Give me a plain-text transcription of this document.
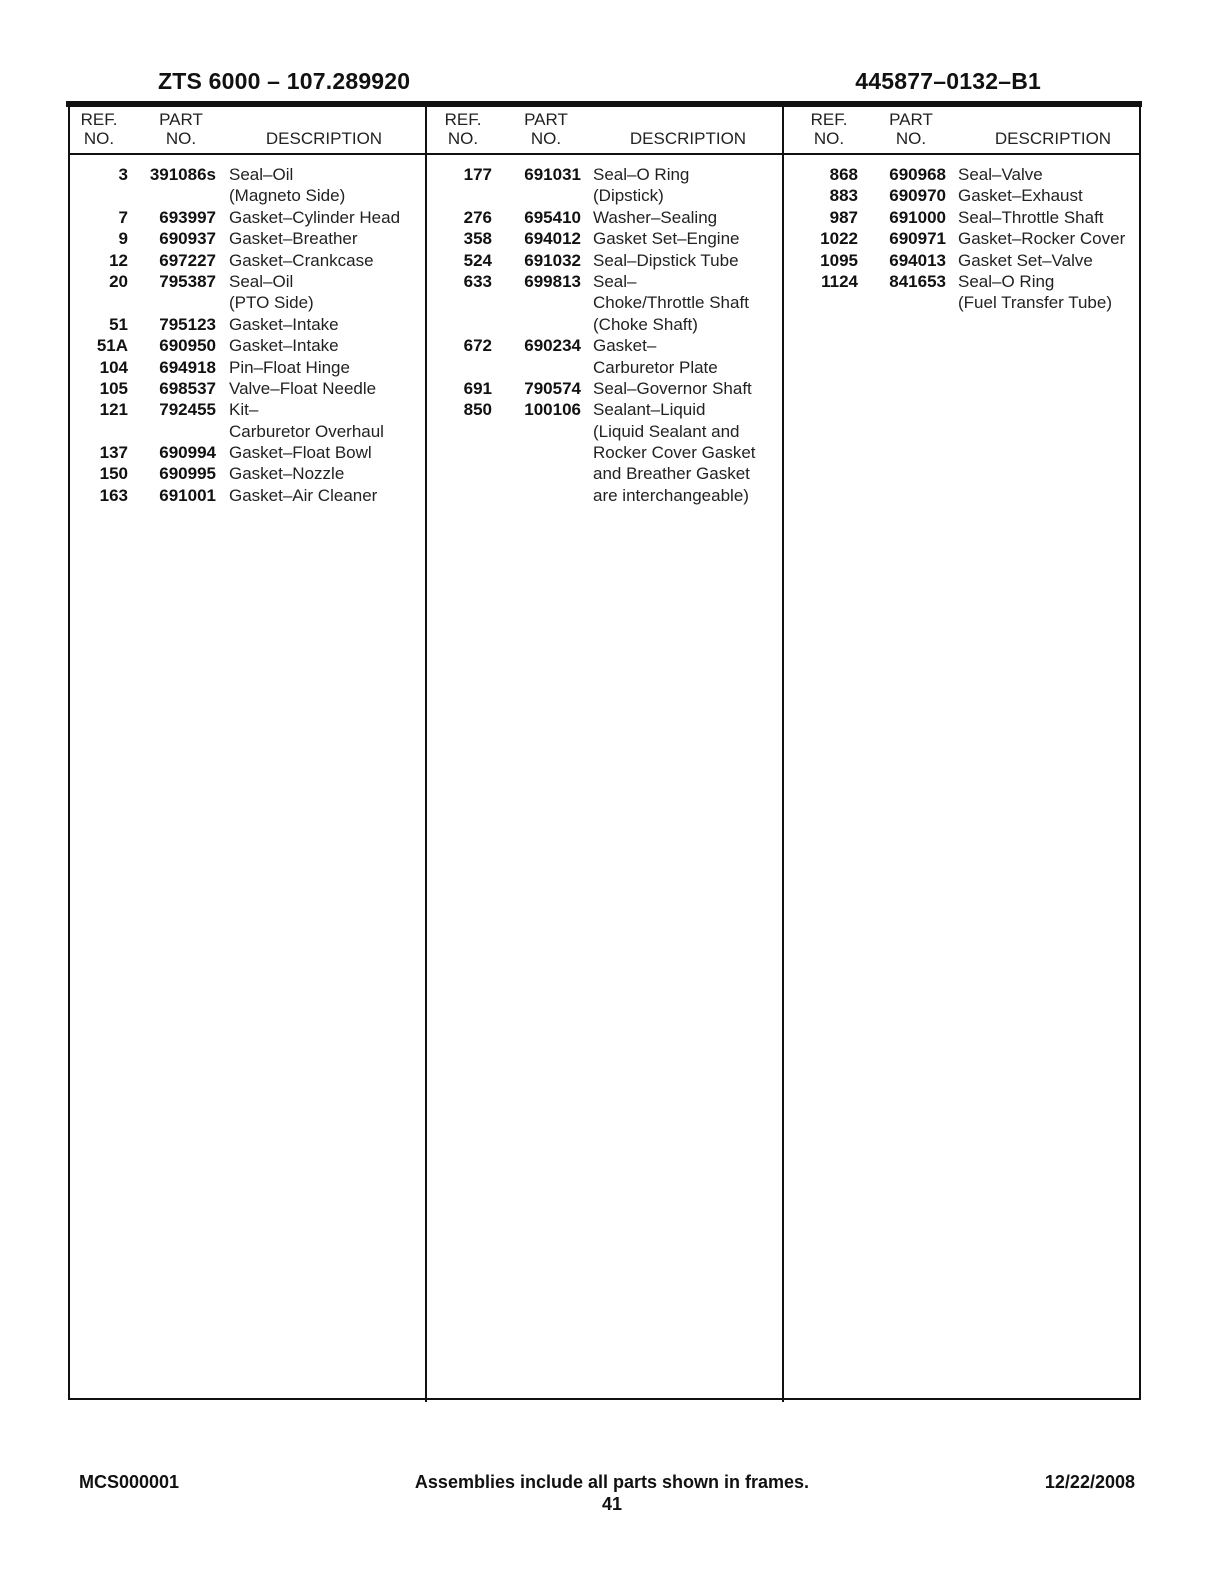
ZTS 6000 – 107.289920	445877–0132–B1
REF.
NO.
PART
NO.	DESCRIPTION
3 391086s Seal–Oil
(Magneto Side)
7	693997 Gasket–Cylinder Head
9	690937 Gasket–Breather
12	697227 Gasket–Crankcase
20	795387 Seal–Oil
(PTO Side)
51	795123 Gasket–Intake
51A	690950 Gasket–Intake
104	694918 Pin–Float Hinge
105	698537 Valve–Float Needle
121	792455 Kit–
Carburetor Overhaul
137	690994 Gasket–Float Bowl
150	690995 Gasket–Nozzle
163	691001 Gasket–Air Cleaner
REF.
NO.
PART
NO.	DESCRIPTION
177	691031 Seal–O Ring
(Dipstick)
276	695410 Washer–Sealing
358	694012 Gasket Set–Engine
524	691032 Seal–Dipstick Tube
633	699813 Seal–
Choke/Throttle Shaft
(Choke Shaft)
672	690234 Gasket–
Carburetor Plate
691	790574 Seal–Governor Shaft
850	100106 Sealant–Liquid
(Liquid Sealant and
Rocker Cover Gasket
and Breather Gasket
are interchangeable)
REF.
NO.
PART
NO.	DESCRIPTION
868	690968 Seal–Valve
883	690970 Gasket–Exhaust
987	691000 Seal–Throttle Shaft
1022	690971 Gasket–Rocker Cover
1095	694013 Gasket Set–Valve
1124	841653 Seal–O Ring
(Fuel Transfer Tube)
MCS000001	Assemblies include all parts shown in frames.
41
12/22/2008
